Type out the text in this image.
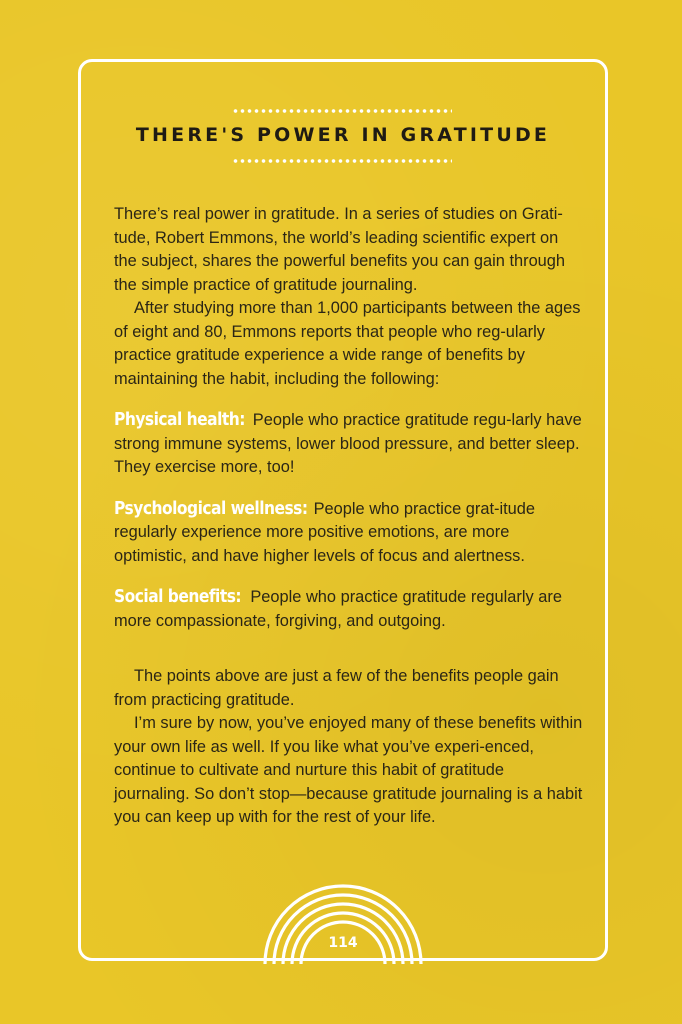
THERE'S POWER IN GRATITUDE

There’s real power in gratitude. In a series of studies on Grati-tude, Robert Emmons, the world’s leading scientific expert on the subject, shares the powerful benefits you can gain through the simple practice of gratitude journaling.

After studying more than 1,000 participants between the ages of eight and 80, Emmons reports that people who reg-ularly practice gratitude experience a wide range of benefits by maintaining the habit, including the following:

Physical health: People who practice gratitude regu-larly have strong immune systems, lower blood pressure, and better sleep. They exercise more, too!

Psychological wellness: People who practice grat-itude regularly experience more positive emotions, are more optimistic, and have higher levels of focus and alertness.

Social benefits: People who practice gratitude regularly are more compassionate, forgiving, and outgoing.

The points above are just a few of the benefits people gain from practicing gratitude.

I’m sure by now, you’ve enjoyed many of these benefits within your own life as well. If you like what you’ve experi-enced, continue to cultivate and nurture this habit of gratitude journaling. So don’t stop—because gratitude journaling is a habit you can keep up with for the rest of your life.

114
